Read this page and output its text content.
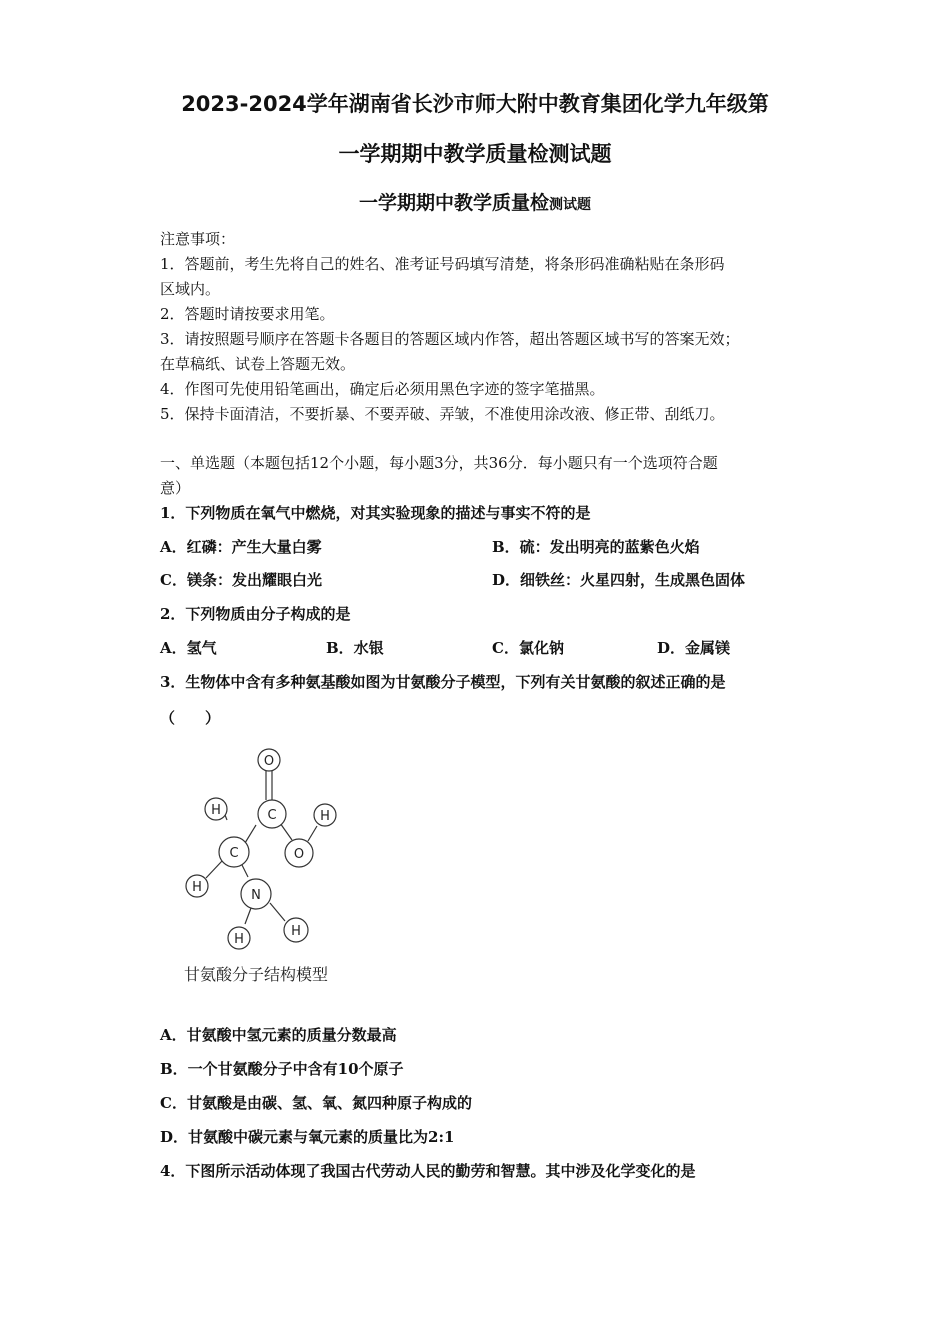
2023-2024学年湖南省长沙市师大附中教育集团化学九年级第
一学期期中教学质量检测试题
一学期期中教学质量检测试题
注意事项：
1．答题前，考生先将自己的姓名、准考证号码填写清楚，将条形码准确粘贴在条形码
区域内。
2．答题时请按要求用笔。
3．请按照题号顺序在答题卡各题目的答题区域内作答，超出答题区域书写的答案无效；
在草稿纸、试卷上答题无效。
4．作图可先使用铅笔画出，确定后必须用黑色字迹的签字笔描黑。
5．保持卡面清洁，不要折暴、不要弄破、弄皱，不准使用涂改液、修正带、刮纸刀。
一、单选题（本题包括12个小题，每小题3分，共36分．每小题只有一个选项符合题
意）
1．下列物质在氧气中燃烧，对其实验现象的描述与事实不符的是
A．红磷：产生大量白雾	B．硫：发出明亮的蓝紫色火焰
C．镁条：发出耀眼白光	D．细铁丝：火星四射，生成黑色固体
2．下列物质由分子构成的是
A．氢气	B．水银	C．氯化钠	D．金属镁
3．生物体中含有多种氨基酸如图为甘氨酸分子模型，下列有关甘氨酸的叙述正确的是
（　　）
O
H	C	H
C	O
H
N
H
H
甘氨酸分子结构模型
A．甘氨酸中氢元素的质量分数最高
B．一个甘氨酸分子中含有10个原子
C．甘氨酸是由碳、氢、氧、氮四种原子构成的
D．甘氨酸中碳元素与氧元素的质量比为2:1
4．下图所示活动体现了我国古代劳动人民的勤劳和智慧。其中涉及化学变化的是
